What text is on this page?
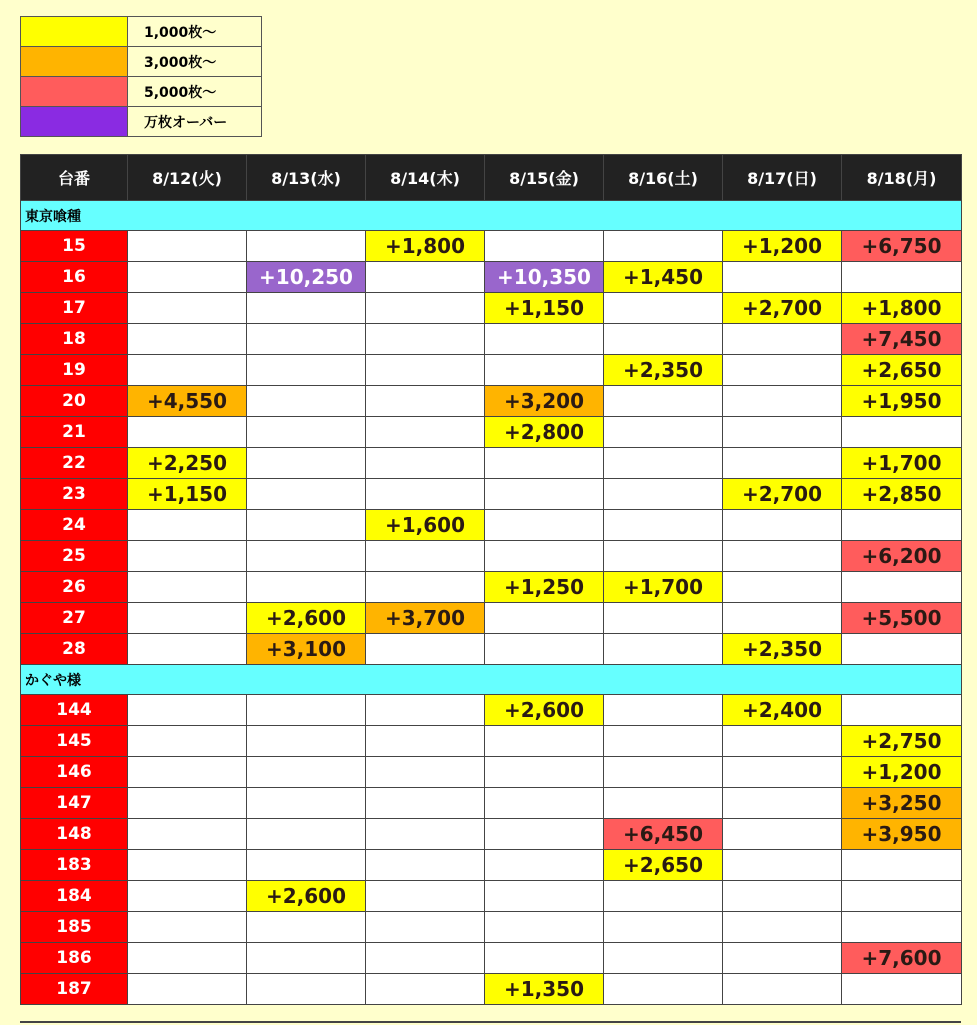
	1,000枚～
	3,000枚～
	5,000枚～
	万枚オーバー
台番	8/12(火)	8/13(水)	8/14(木)	8/15(金)	8/16(土)	8/17(日)	8/18(月)
東京喰種							
15			+1,800			+1,200	+6,750
16		+10,250		+10,350	+1,450		
17				+1,150		+2,700	+1,800
18							+7,450
19					+2,350		+2,650
20	+4,550			+3,200			+1,950
21				+2,800			
22	+2,250						+1,700
23	+1,150					+2,700	+2,850
24			+1,600				
25							+6,200
26				+1,250	+1,700		
27		+2,600	+3,700				+5,500
28		+3,100				+2,350	
かぐや様							
144				+2,600		+2,400	
145							+2,750
146							+1,200
147							+3,250
148					+6,450		+3,950
183					+2,650		
184		+2,600					
185							
186							+7,600
187				+1,350			
